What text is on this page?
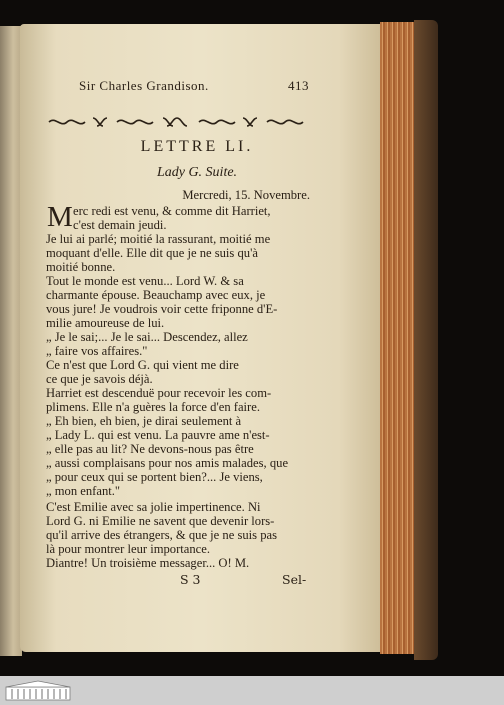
Sir Charles Grandison.	413
LETTRE LI.
Lady G. Suite.
Mercredi, 15. Novembre.
M erc redi est venu, & comme dit Harriet,
c'est demain jeudi.
Je lui ai parlé; moitié la rassurant, moitié me
moquant d'elle. Elle dit que je ne suis qu'à
moitié bonne.
Tout le monde est venu... Lord W. & sa
charmante épouse. Beauchamp avec eux, je
vous jure! Je voudrois voir cette friponne d'E-
milie amoureuse de lui.
„ Je le sai;... Je le sai... Descendez, allez
„ faire vos affaires."
Ce n'est que Lord G. qui vient me dire
ce que je savois déjà.
Harriet est descenduë pour recevoir les com-
plimens. Elle n'a guères la force d'en faire.
„ Eh bien, eh bien, je dirai seulement à
„ Lady L. qui est venu. La pauvre ame n'est-
„ elle pas au lit? Ne devons-nous pas être
„ aussi complaisans pour nos amis malades, que
„ pour ceux qui se portent bien?... Je viens,
„ mon enfant."
C'est Emilie avec sa jolie impertinence. Ni
Lord G. ni Emilie ne savent que devenir lors-
qu'il arrive des étrangers, & que je ne suis pas
là pour montrer leur importance.
Diantre! Un troisième messager... O! M.
S 3	Sel-
